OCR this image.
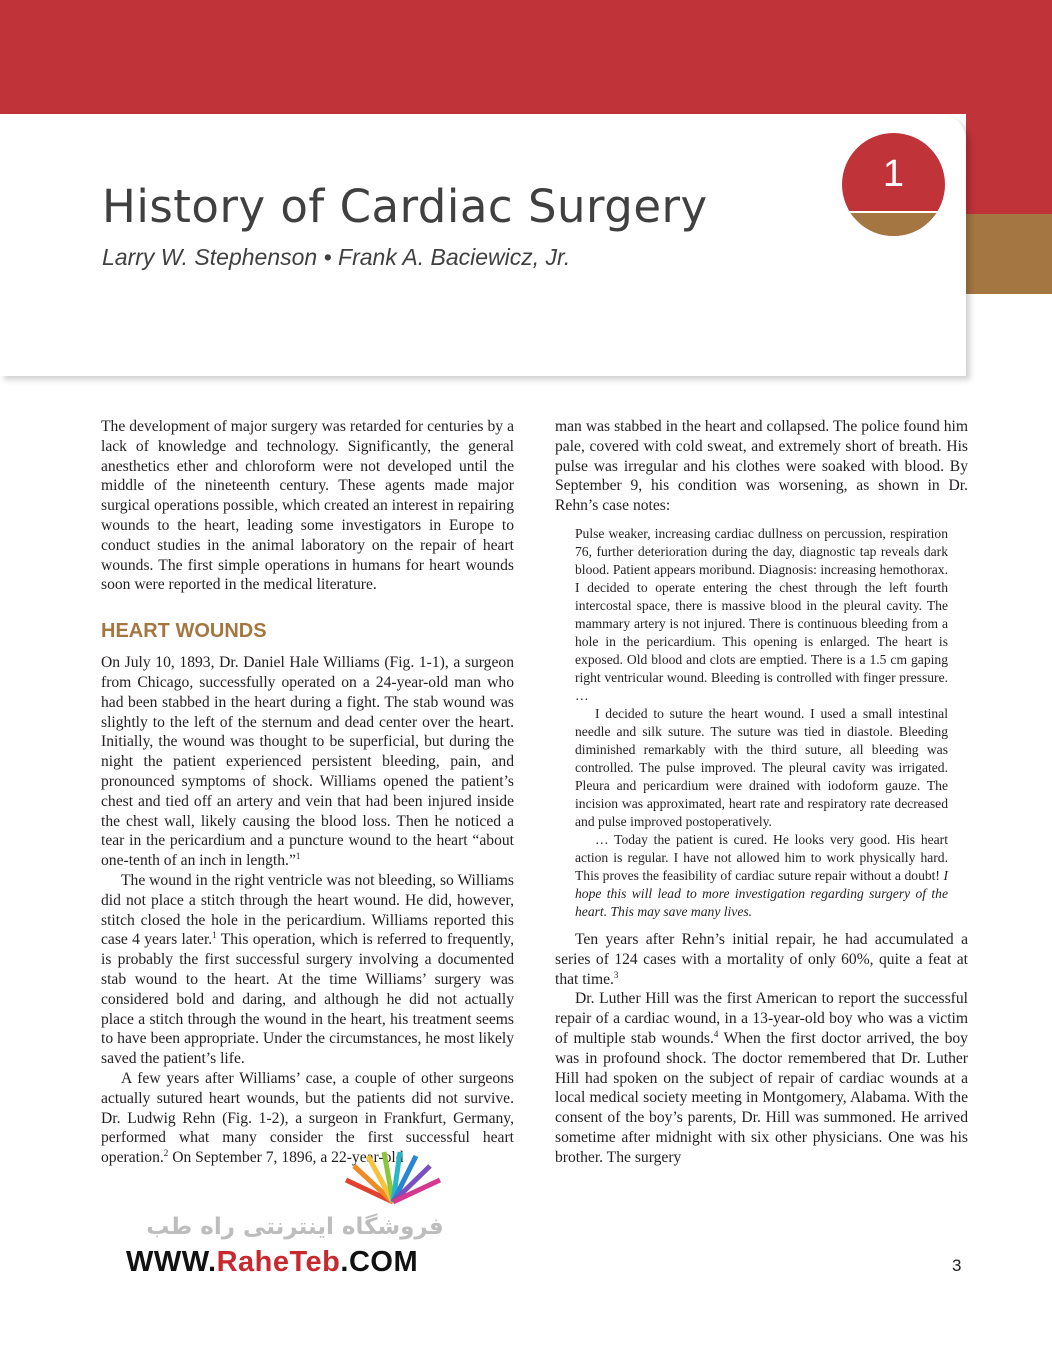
1
History of Cardiac Surgery
Larry W. Stephenson • Frank A. Baciewicz, Jr.

The development of major surgery was retarded for centuries by a lack of knowledge and technology. Significantly, the general anesthetics ether and chloroform were not developed until the middle of the nineteenth century. These agents made major surgical operations possible, which created an interest in repairing wounds to the heart, leading some investigators in Europe to conduct studies in the animal laboratory on the repair of heart wounds. The first simple operations in humans for heart wounds soon were reported in the medical literature.

HEART WOUNDS

On July 10, 1893, Dr. Daniel Hale Williams (Fig. 1-1), a surgeon from Chicago, successfully operated on a 24-year-old man who had been stabbed in the heart during a fight. The stab wound was slightly to the left of the sternum and dead center over the heart. Initially, the wound was thought to be superficial, but during the night the patient experienced persistent bleeding, pain, and pronounced symptoms of shock. Williams opened the patient’s chest and tied off an artery and vein that had been injured inside the chest wall, likely causing the blood loss. Then he noticed a tear in the pericardium and a puncture wound to the heart “about one-tenth of an inch in length.”$^1$

The wound in the right ventricle was not bleeding, so Williams did not place a stitch through the heart wound. He did, however, stitch closed the hole in the pericardium. Williams reported this case 4 years later.$^1$ This operation, which is referred to frequently, is probably the first successful surgery involving a documented stab wound to the heart. At the time Williams’ surgery was considered bold and daring, and although he did not actually place a stitch through the wound in the heart, his treatment seems to have been appropriate. Under the circumstances, he most likely saved the patient’s life.

A few years after Williams’ case, a couple of other surgeons actually sutured heart wounds, but the patients did not survive. Dr. Ludwig Rehn (Fig. 1-2), a surgeon in Frankfurt, Germany, performed what many consider the first successful heart operation.$^2$ On September 7, 1896, a 22-year-old

man was stabbed in the heart and collapsed. The police found him pale, covered with cold sweat, and extremely short of breath. His pulse was irregular and his clothes were soaked with blood. By September 9, his condition was worsening, as shown in Dr. Rehn’s case notes:

Pulse weaker, increasing cardiac dullness on percussion, respiration 76, further deterioration during the day, diagnostic tap reveals dark blood. Patient appears moribund. Diagnosis: increasing hemothorax. I decided to operate entering the chest through the left fourth intercostal space, there is massive blood in the pleural cavity. The mammary artery is not injured. There is continuous bleeding from a hole in the pericardium. This opening is enlarged. The heart is exposed. Old blood and clots are emptied. There is a 1.5 cm gaping right ventricular wound. Bleeding is controlled with finger pressure. …

I decided to suture the heart wound. I used a small intestinal needle and silk suture. The suture was tied in diastole. Bleeding diminished remarkably with the third suture, all bleeding was controlled. The pulse improved. The pleural cavity was irrigated. Pleura and pericardium were drained with iodoform gauze. The incision was approximated, heart rate and respiratory rate decreased and pulse improved postoperatively.

… Today the patient is cured. He looks very good. His heart action is regular. I have not allowed him to work physically hard. This proves the feasibility of cardiac suture repair without a doubt! I hope this will lead to more investigation regarding surgery of the heart. This may save many lives.

Ten years after Rehn’s initial repair, he had accumulated a series of 124 cases with a mortality of only 60%, quite a feat at that time.$^3$

Dr. Luther Hill was the first American to report the successful repair of a cardiac wound, in a 13-year-old boy who was a victim of multiple stab wounds.$^4$ When the first doctor arrived, the boy was in profound shock. The doctor remembered that Dr. Luther Hill had spoken on the subject of repair of cardiac wounds at a local medical society meeting in Montgomery, Alabama. With the consent of the boy’s parents, Dr. Hill was summoned. He arrived sometime after midnight with six other physicians. One was his brother. The surgery

فروشگاه اینترنتی راه طب
WWW.RaheTeb.COM	3
